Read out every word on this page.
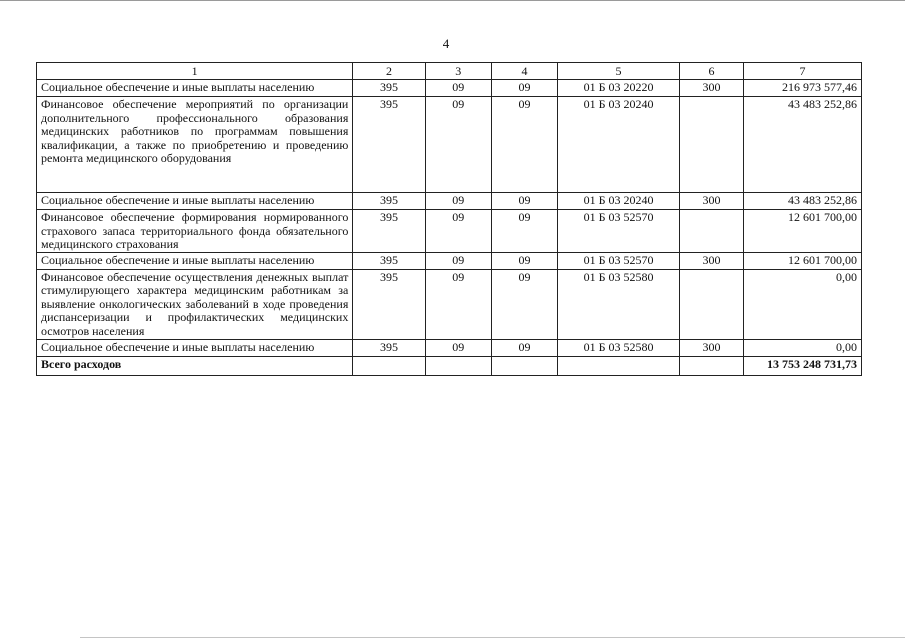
4
1	2	3	4	5	6	7
Социальное обеспечение и иные выплаты населению	395	09	09	01 Б 03 20220	300	216 973 577,46
Финансовое обеспечение мероприятий по организации дополнительного профессионального образования медицинских работников по программам повышения квалификации, а также по приобретению и проведению ремонта медицинского оборудования	395	09	09	01 Б 03 20240		43 483 252,86
Социальное обеспечение и иные выплаты населению	395	09	09	01 Б 03 20240	300	43 483 252,86
Финансовое обеспечение формирования нормированного страхового запаса территориального фонда обязательного медицинского страхования	395	09	09	01 Б 03 52570		12 601 700,00
Социальное обеспечение и иные выплаты населению	395	09	09	01 Б 03 52570	300	12 601 700,00
Финансовое обеспечение осуществления денежных выплат стимулирующего характера медицинским работникам за выявление онкологических заболеваний в ходе проведения диспансеризации и профилактических медицинских осмотров населения	395	09	09	01 Б 03 52580		0,00
Социальное обеспечение и иные выплаты населению	395	09	09	01 Б 03 52580	300	0,00
Всего расходов						13 753 248 731,73
